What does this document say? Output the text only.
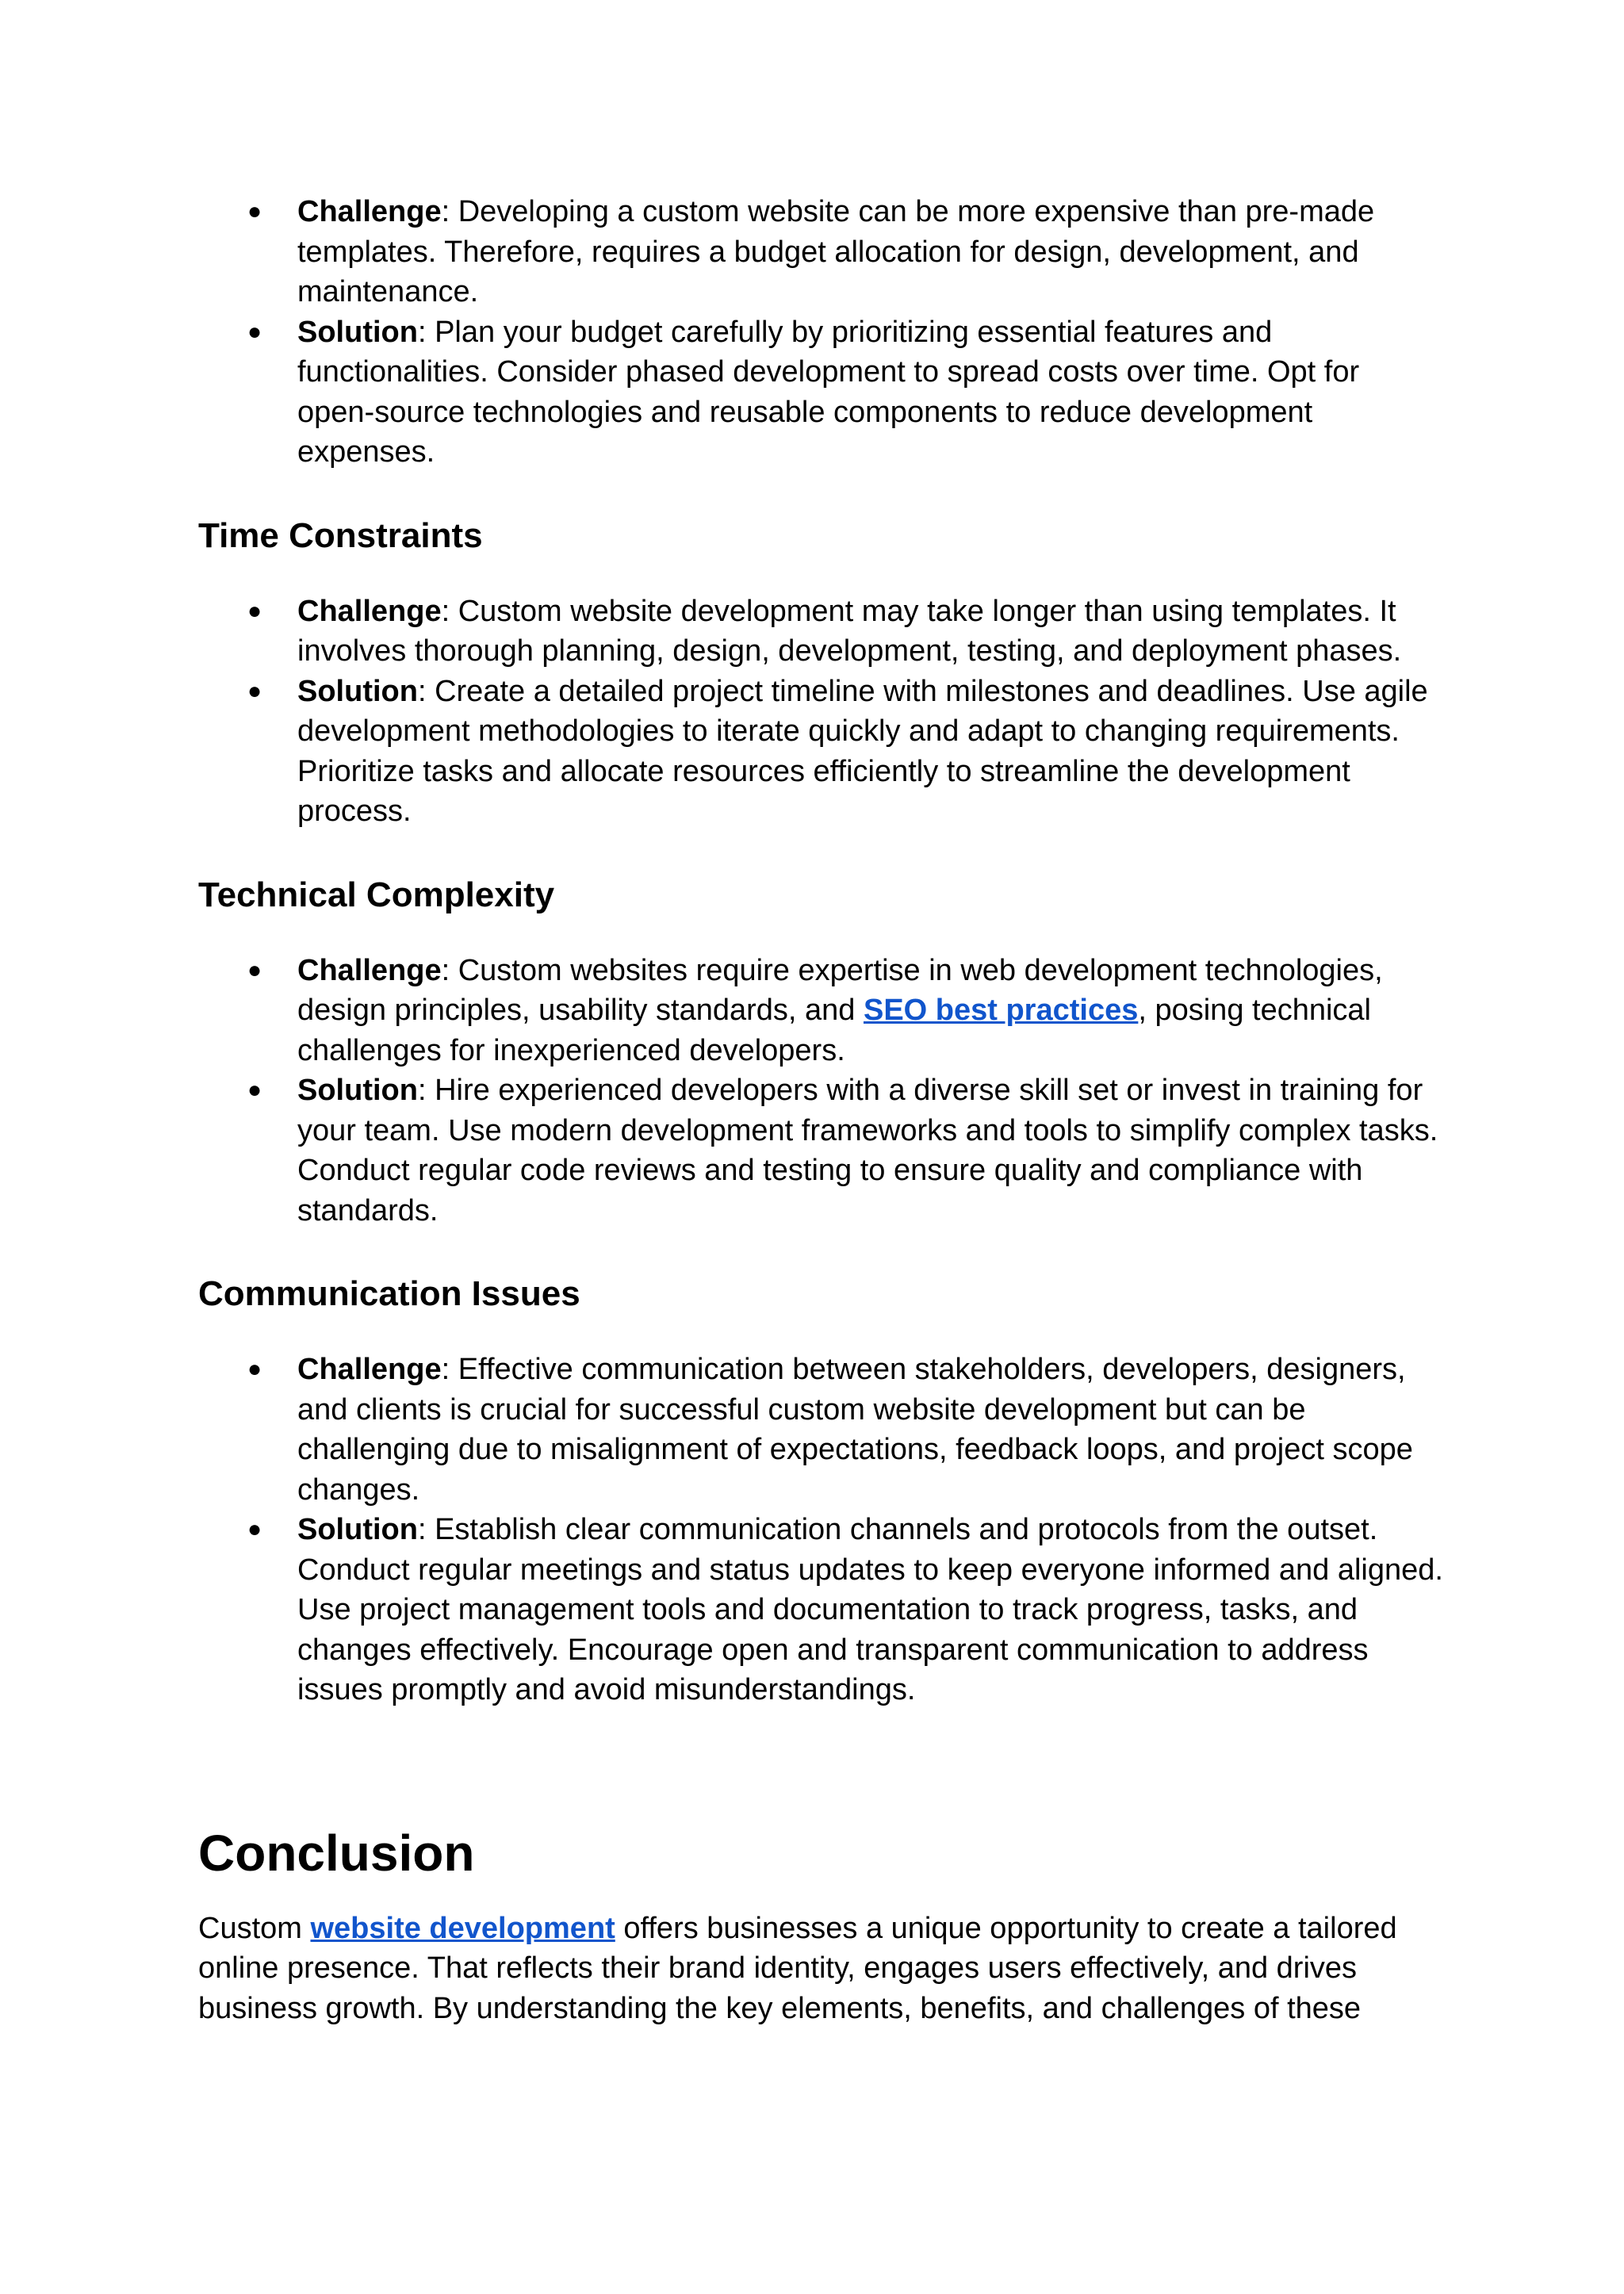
● Challenge: Developing a custom website can be more expensive than pre-made templates. Therefore, requires a budget allocation for design, development, and maintenance.
● Solution: Plan your budget carefully by prioritizing essential features and functionalities. Consider phased development to spread costs over time. Opt for open-source technologies and reusable components to reduce development expenses.
Time Constraints
● Challenge: Custom website development may take longer than using templates. It involves thorough planning, design, development, testing, and deployment phases.
● Solution: Create a detailed project timeline with milestones and deadlines. Use agile development methodologies to iterate quickly and adapt to changing requirements. Prioritize tasks and allocate resources efficiently to streamline the development process.
Technical Complexity
● Challenge: Custom websites require expertise in web development technologies, design principles, usability standards, and SEO best practices, posing technical challenges for inexperienced developers.
● Solution: Hire experienced developers with a diverse skill set or invest in training for your team. Use modern development frameworks and tools to simplify complex tasks. Conduct regular code reviews and testing to ensure quality and compliance with standards.
Communication Issues
● Challenge: Effective communication between stakeholders, developers, designers, and clients is crucial for successful custom website development but can be challenging due to misalignment of expectations, feedback loops, and project scope changes.
● Solution: Establish clear communication channels and protocols from the outset. Conduct regular meetings and status updates to keep everyone informed and aligned. Use project management tools and documentation to track progress, tasks, and changes effectively. Encourage open and transparent communication to address issues promptly and avoid misunderstandings.
Conclusion

Custom website development offers businesses a unique opportunity to create a tailored online presence. That reflects their brand identity, engages users effectively, and drives business growth. By understanding the key elements, benefits, and challenges of these
